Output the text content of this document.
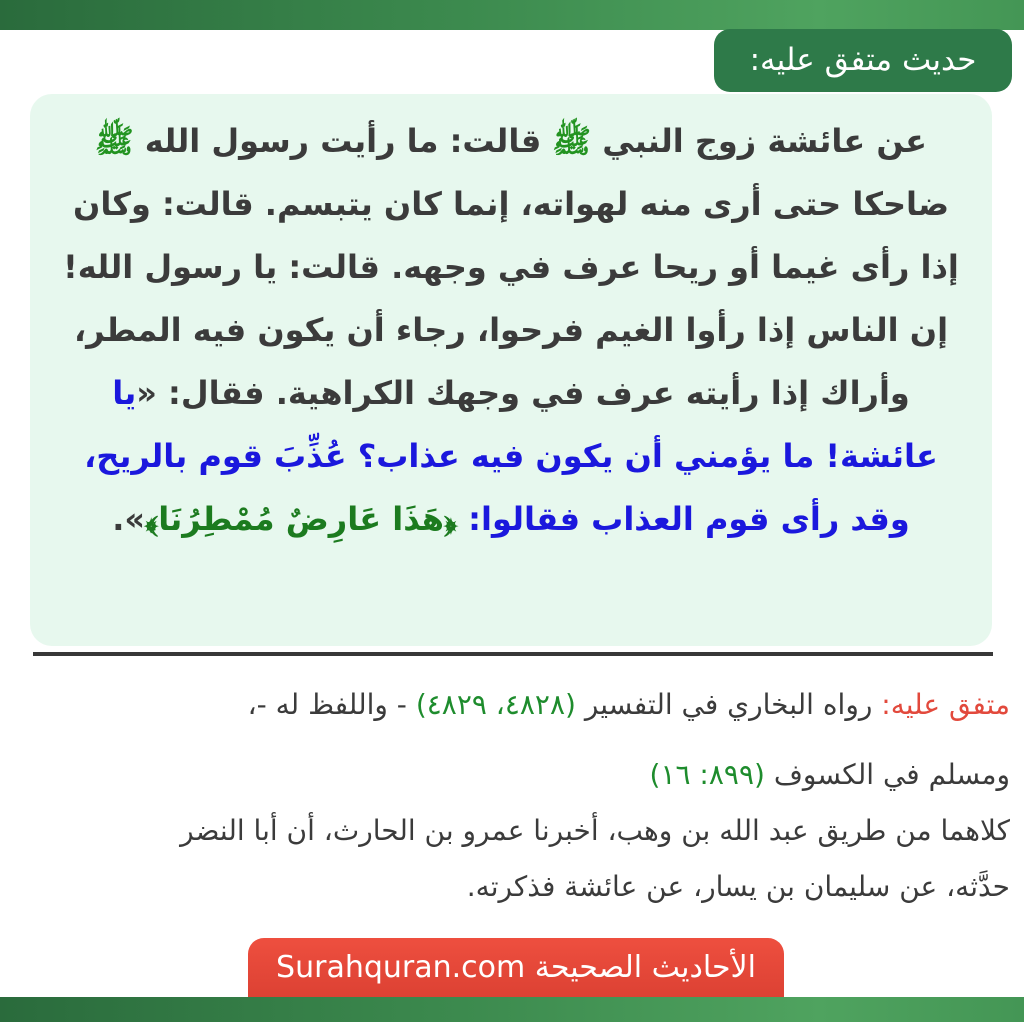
حديث متفق عليه:

عن عائشة زوج النبي ﷺ قالت: ما رأيت رسول الله ﷺ ضاحكا حتى أرى منه لهواته، إنما كان يتبسم. قالت: وكان إذا رأى غيما أو ريحا عرف في وجهه. قالت: يا رسول الله! إن الناس إذا رأوا الغيم فرحوا، رجاء أن يكون فيه المطر، وأراك إذا رأيته عرف في وجهك الكراهية. فقال: «يا عائشة! ما يؤمني أن يكون فيه عذاب؟ عُذِّبَ قوم بالريح، وقد رأى قوم العذاب فقالوا: ﴿هَذَا عَارِضٌ مُمْطِرُنَا﴾».

متفق عليه: رواه البخاري في التفسير (٤٨٢٨، ٤٨٢٩) - واللفظ له -،
ومسلم في الكسوف (٨٩٩: ١٦)
كلاهما من طريق عبد الله بن وهب، أخبرنا عمرو بن الحارث، أن أبا النضر
حدَّثه، عن سليمان بن يسار، عن عائشة فذكرته.
الأحاديث الصحيحة Surahquran.com
